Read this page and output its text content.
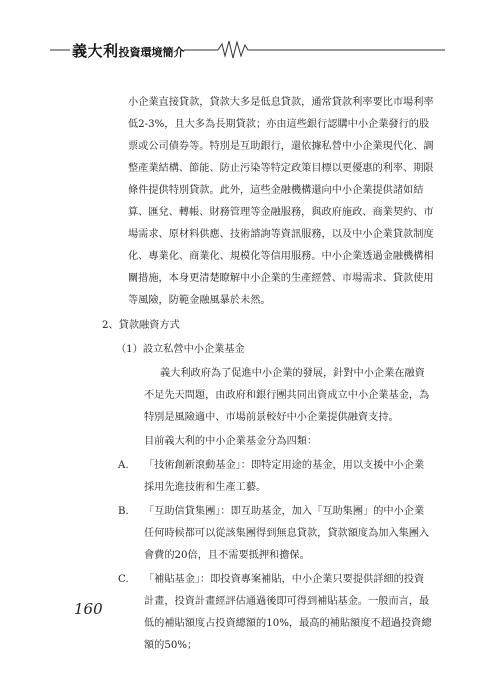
義大利投資環境簡介
小企業直接貸款，貸款大多是低息貸款，通常貸款利率要比市場利率
低2-3%，且大多為長期貸款；亦由這些銀行認購中小企業發行的股
票或公司債券等。特別是互助銀行，還依據私營中小企業現代化、調
整產業結構、節能、防止污染等特定政策目標以更優惠的利率、期限
條件提供特別貸款。此外，這些金融機構還向中小企業提供諸如結
算、匯兌、轉帳、財務管理等金融服務，與政府施政、商業契約、市
場需求、原材料供應、技術諮詢等資訊服務，以及中小企業貸款制度
化、專業化、商業化、規模化等信用服務。中小企業透過金融機構相
關措施，本身更清楚瞭解中小企業的生產經營、市場需求、貸款使用
等風險，防範金融風暴於未然。
2、貸款融資方式
（1）設立私營中小企業基金
義大利政府為了促進中小企業的發展，針對中小企業在融資
不足先天問題，由政府和銀行團共同出資成立中小企業基金，為
特別是風險適中、市場前景較好中小企業提供融資支持。
目前義大利的中小企業基金分為四類：
A. 「技術創新滾動基金」：即特定用途的基金，用以支援中小企業
採用先進技術和生產工藝。
B. 「互助信貸集團」：即互助基金，加入「互助集團」的中小企業
任何時候都可以從該集團得到無息貸款，貸款額度為加入集團入
會費的20倍，且不需要抵押和擔保。
C. 「補貼基金」：即投資專案補貼，中小企業只要提供詳細的投資
計畫，投資計畫經評估通過後即可得到補貼基金。一般而言，最
低的補貼額度占投資總額的10%，最高的補貼額度不超過投資總
額的50%；
160
